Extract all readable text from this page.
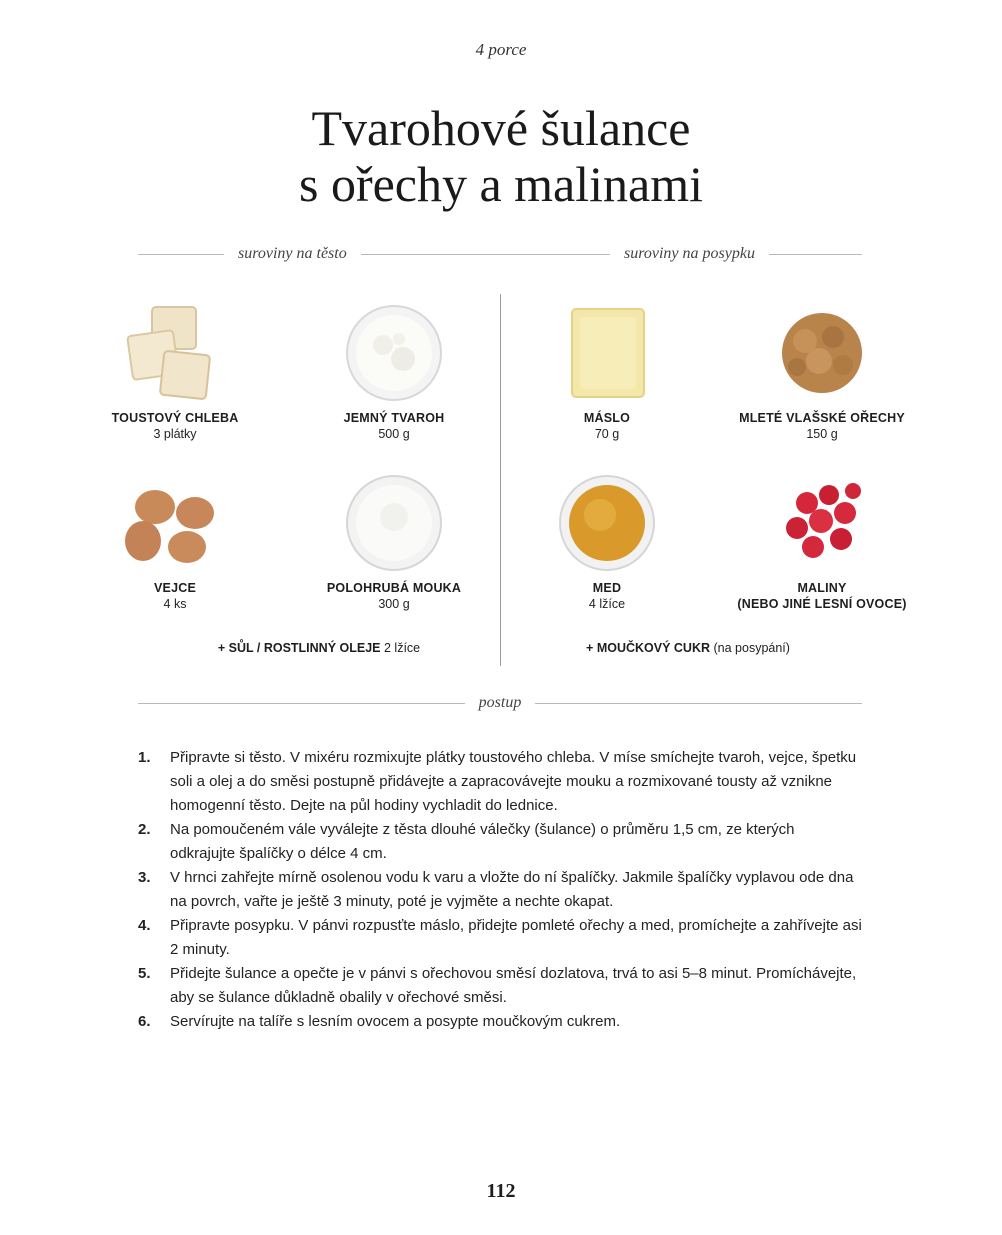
4 porce
Tvarohové šulance
s ořechy a malinami
suroviny na těsto	suroviny na posypku
TOUSTOVÝ CHLEBA
3 plátky
JEMNÝ TVAROH
500 g
VEJCE
4 ks
POLOHRUBÁ MOUKA
300 g
+ SŮL / ROSTLINNÝ OLEJE 2 lžíce
MÁSLO
70 g
MLETÉ VLAŠSKÉ OŘECHY
150 g
MED
4 lžíce
MALINY
(NEBO JINÉ LESNÍ OVOCE)
+ MOUČKOVÝ CUKR (na posypání)
postup
1.	Připravte si těsto. V mixéru rozmixujte plátky toustového chleba. V míse smíchejte tvaroh, vejce, špetku soli a olej a do směsi postupně přidávejte a zapracovávejte mouku a rozmixované tousty až vznikne homogenní těsto. Dejte na půl hodiny vychladit do lednice.
2.	Na pomoučeném vále vyválejte z těsta dlouhé válečky (šulance) o průměru 1,5 cm, ze kterých odkrajujte špalíčky o délce 4 cm.
3.	V hrnci zahřejte mírně osolenou vodu k varu a vložte do ní špalíčky. Jakmile špalíčky vyplavou ode dna na povrch, vařte je ještě 3 minuty, poté je vyjměte a nechte okapat.
4.	Připravte posypku. V pánvi rozpusťte máslo, přidejte pomleté ořechy a med, promíchejte a zahřívejte asi 2 minuty.
5.	Přidejte šulance a opečte je v pánvi s ořechovou směsí dozlatova, trvá to asi 5–8 minut. Promíchávejte, aby se šulance důkladně obalily v ořechové směsi.
6.	Servírujte na talíře s lesním ovocem a posypte moučkovým cukrem.
112
